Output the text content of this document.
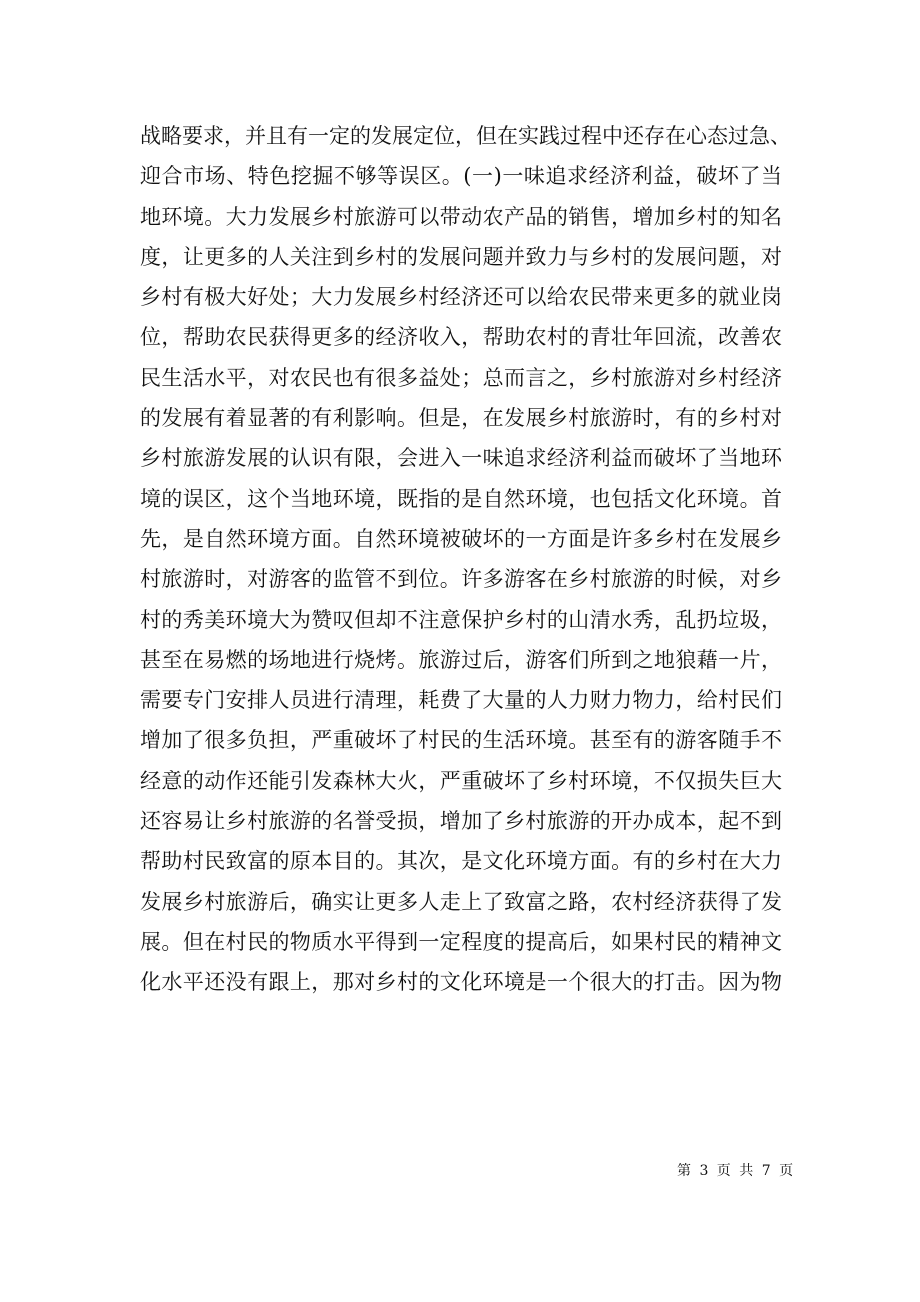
战略要求，并且有一定的发展定位，但在实践过程中还存在心态过急、
迎合市场、特色挖掘不够等误区。(一)一味追求经济利益，破坏了当
地环境。大力发展乡村旅游可以带动农产品的销售，增加乡村的知名
度，让更多的人关注到乡村的发展问题并致力与乡村的发展问题，对
乡村有极大好处；大力发展乡村经济还可以给农民带来更多的就业岗
位，帮助农民获得更多的经济收入，帮助农村的青壮年回流，改善农
民生活水平，对农民也有很多益处；总而言之，乡村旅游对乡村经济
的发展有着显著的有利影响。但是，在发展乡村旅游时，有的乡村对
乡村旅游发展的认识有限，会进入一味追求经济利益而破坏了当地环
境的误区，这个当地环境，既指的是自然环境，也包括文化环境。首
先，是自然环境方面。自然环境被破坏的一方面是许多乡村在发展乡
村旅游时，对游客的监管不到位。许多游客在乡村旅游的时候，对乡
村的秀美环境大为赞叹但却不注意保护乡村的山清水秀，乱扔垃圾，
甚至在易燃的场地进行烧烤。旅游过后，游客们所到之地狼藉一片，
需要专门安排人员进行清理，耗费了大量的人力财力物力，给村民们
增加了很多负担，严重破坏了村民的生活环境。甚至有的游客随手不
经意的动作还能引发森林大火，严重破坏了乡村环境，不仅损失巨大
还容易让乡村旅游的名誉受损，增加了乡村旅游的开办成本，起不到
帮助村民致富的原本目的。其次，是文化环境方面。有的乡村在大力
发展乡村旅游后，确实让更多人走上了致富之路，农村经济获得了发
展。但在村民的物质水平得到一定程度的提高后，如果村民的精神文
化水平还没有跟上，那对乡村的文化环境是一个很大的打击。因为物
第 3 页 共 7 页
